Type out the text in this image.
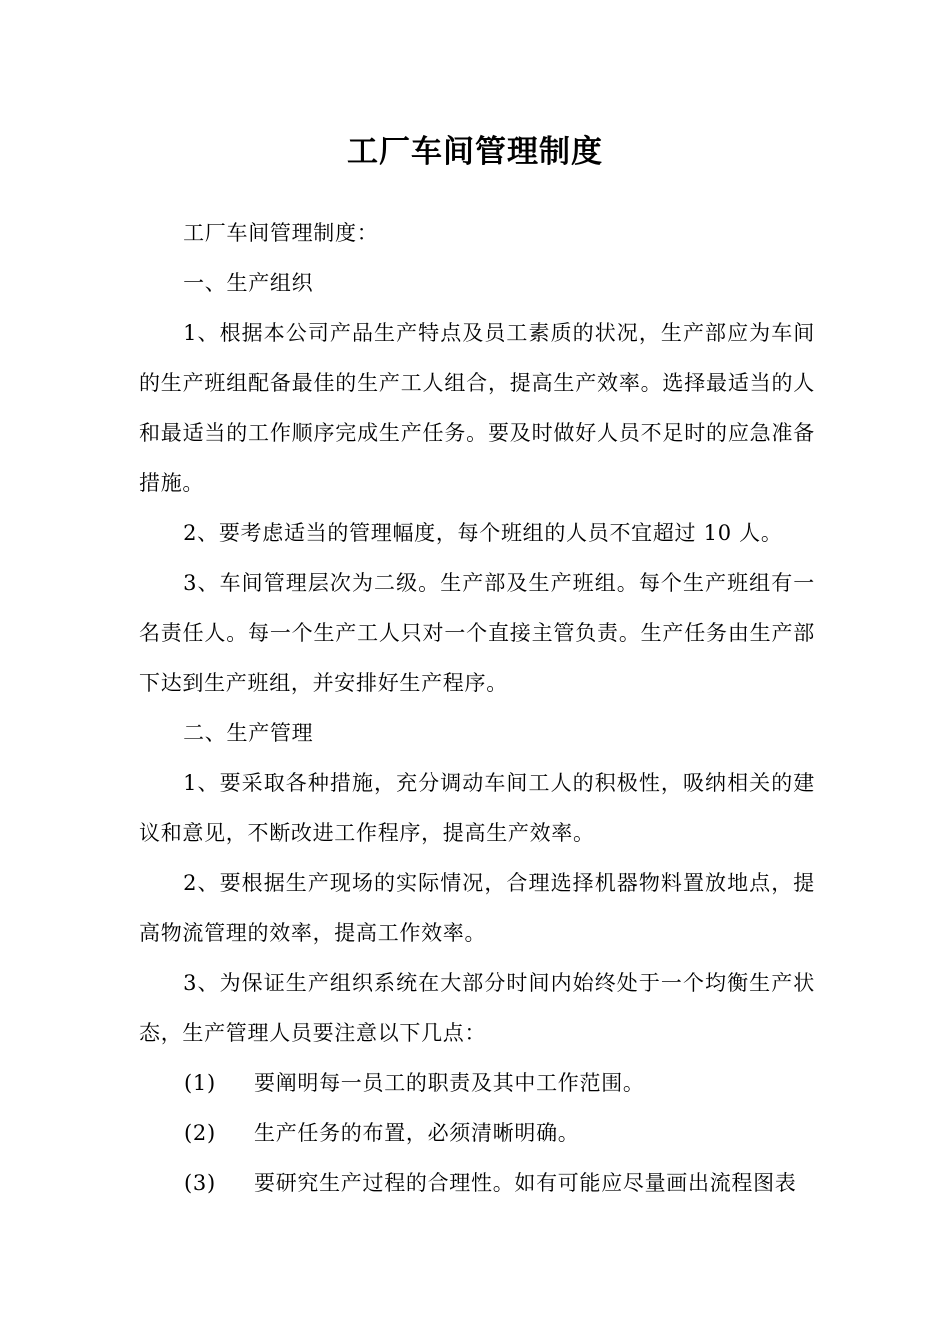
工厂车间管理制度

工厂车间管理制度：

一、生产组织

1、根据本公司产品生产特点及员工素质的状况，生产部应为车间的生产班组配备最佳的生产工人组合，提高生产效率。选择最适当的人和最适当的工作顺序完成生产任务。要及时做好人员不足时的应急准备措施。

2、要考虑适当的管理幅度，每个班组的人员不宜超过 10 人。

3、车间管理层次为二级。生产部及生产班组。每个生产班组有一名责任人。每一个生产工人只对一个直接主管负责。生产任务由生产部下达到生产班组，并安排好生产程序。

二、生产管理

1、要采取各种措施，充分调动车间工人的积极性，吸纳相关的建议和意见，不断改进工作程序，提高生产效率。

2、要根据生产现场的实际情况，合理选择机器物料置放地点，提高物流管理的效率，提高工作效率。

3、为保证生产组织系统在大部分时间内始终处于一个均衡生产状态，生产管理人员要注意以下几点：

(1)	要阐明每一员工的职责及其中工作范围。
(2)	生产任务的布置，必须清晰明确。
(3)	要研究生产过程的合理性。如有可能应尽量画出流程图表
